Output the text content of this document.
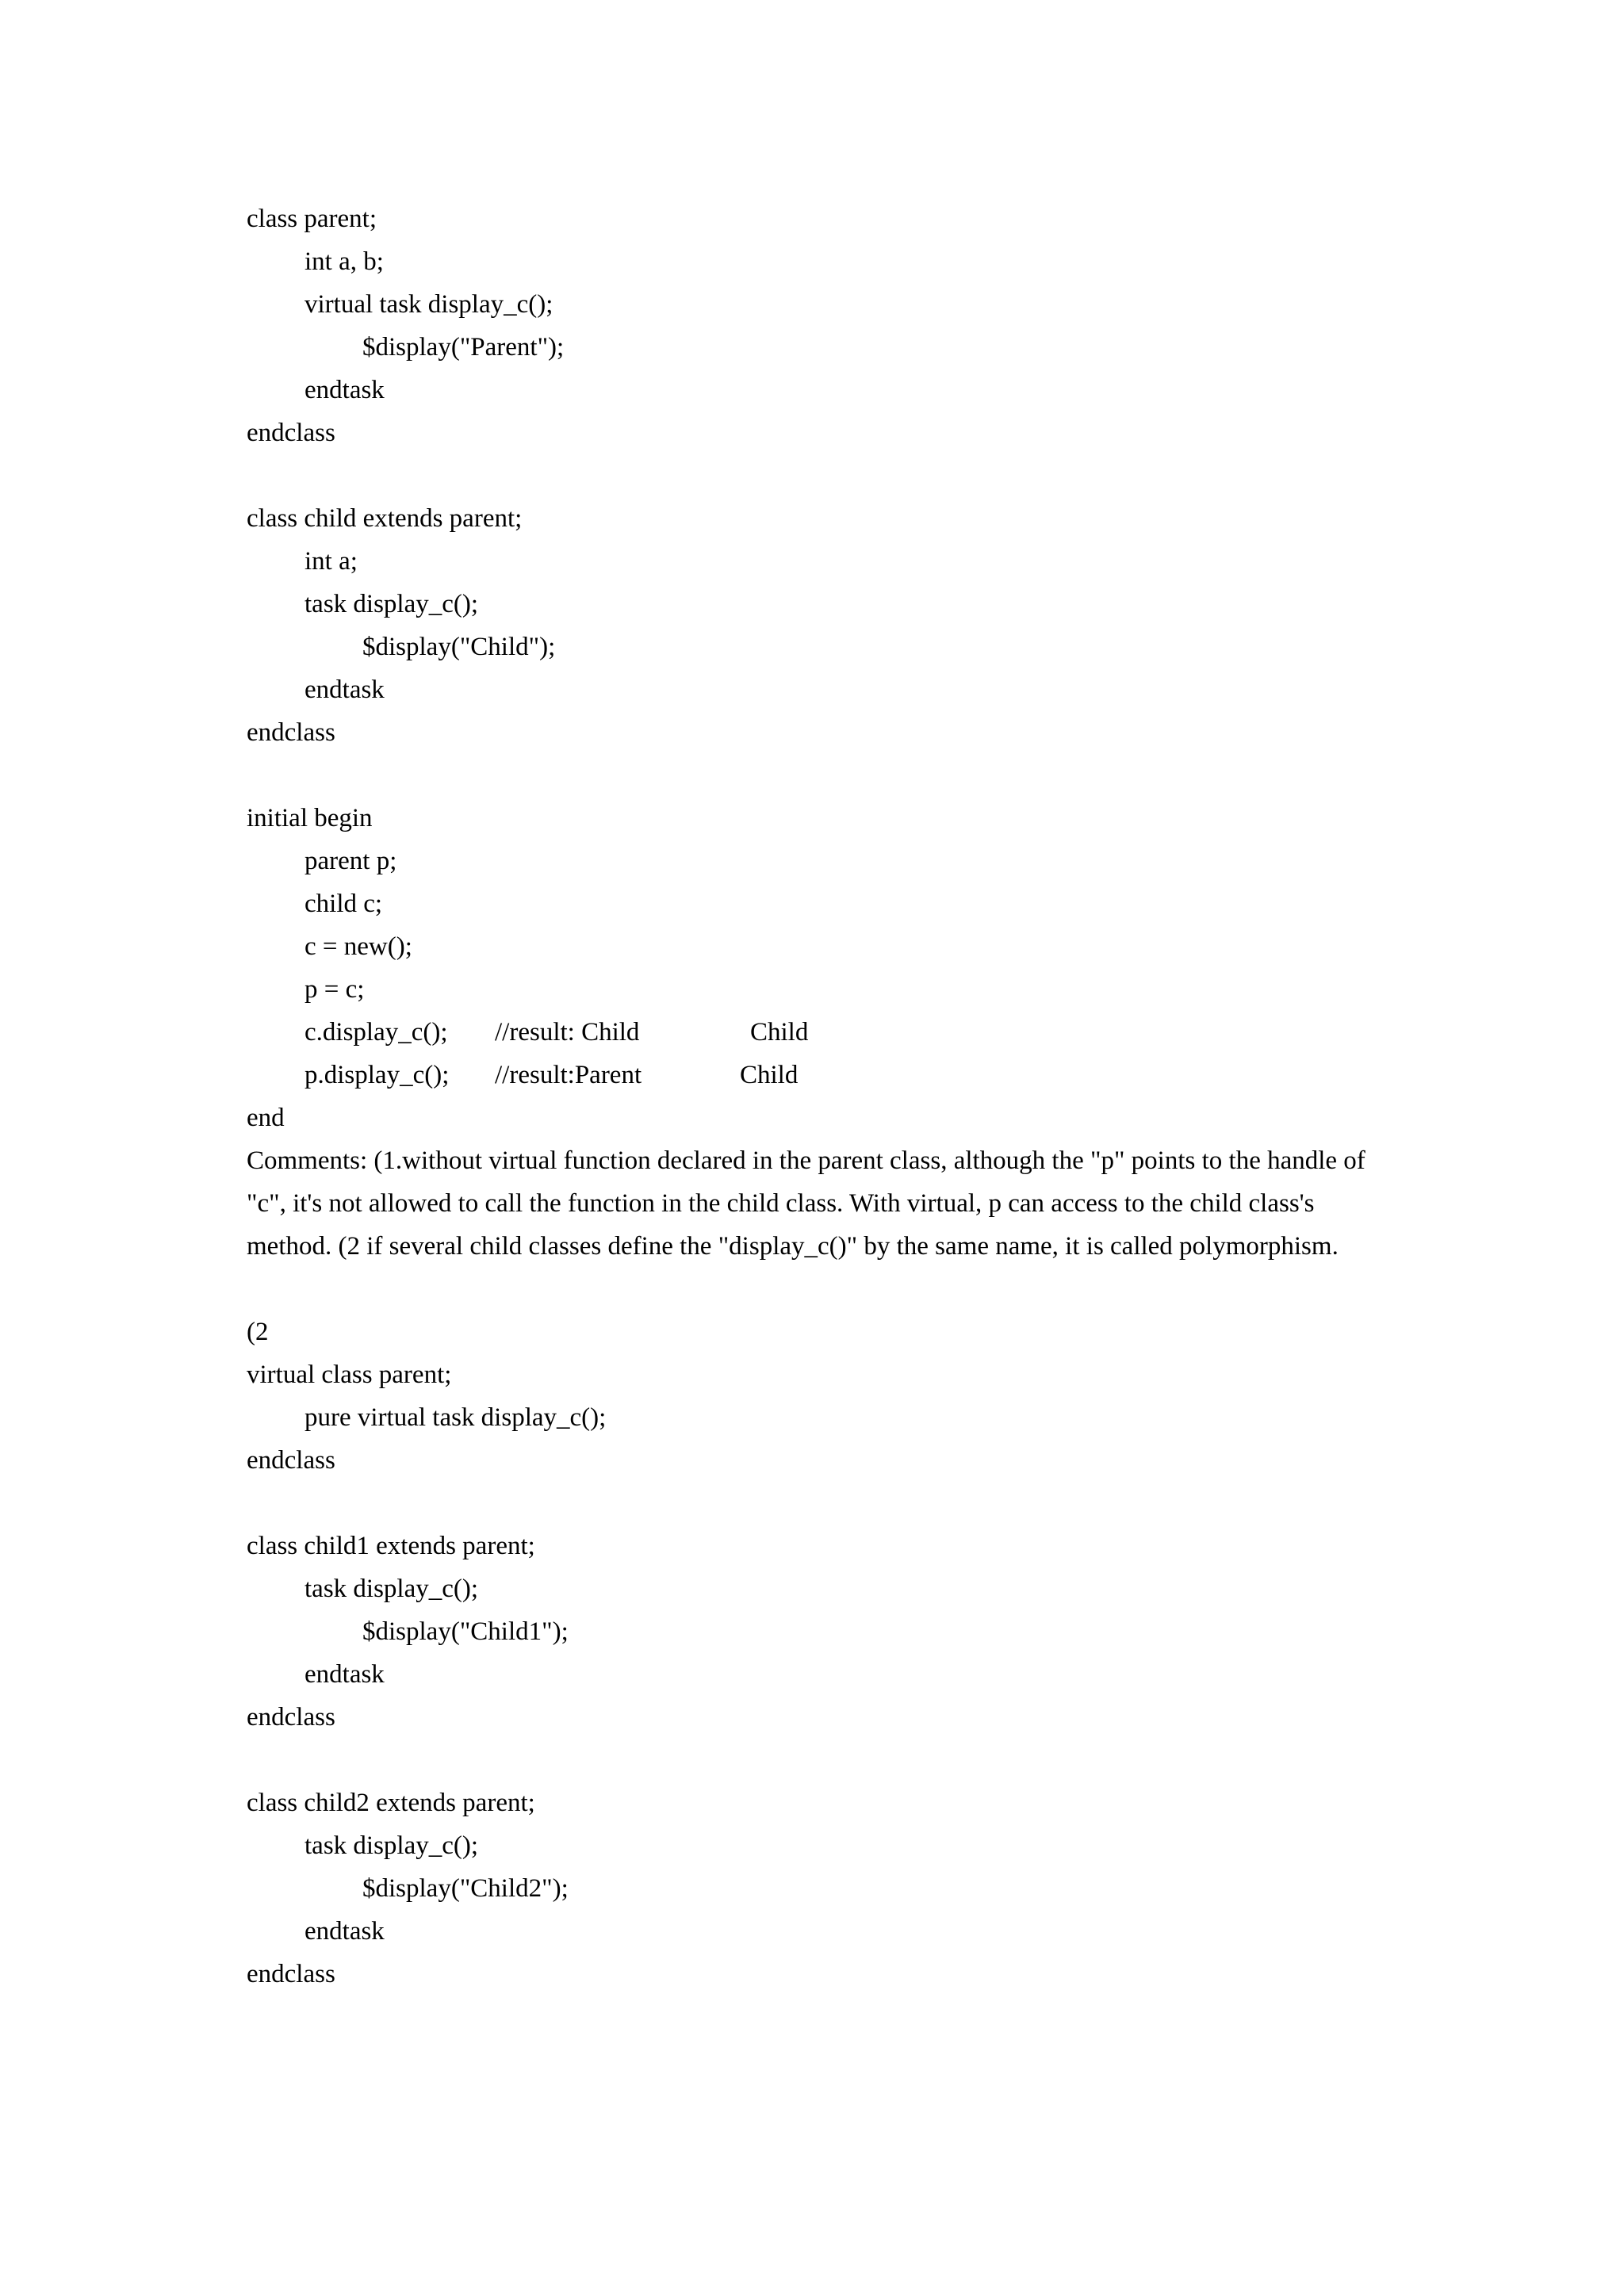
class parent;
int a, b;
virtual task display_c();
$display("Parent");
endtask
endclass
class child extends parent;
int a;
task display_c();
$display("Child");
endtask
endclass
initial begin
parent p;
child c;
c = new();
p = c;
c.display_c(); //result: Child	Child
p.display_c(); //result:Parent	Child
end

Comments: (1.without virtual function declared in the parent class, although the "p" points to the handle of "c", it's not allowed to call the function in the child class. With virtual, p can access to the child class's method. (2 if several child classes define the "display_c()" by the same name, it is called polymorphism.

(2
virtual class parent;
pure virtual task display_c();
endclass
class child1 extends parent;
task display_c();
$display("Child1");
endtask
endclass
class child2 extends parent;
task display_c();
$display("Child2");
endtask
endclass
